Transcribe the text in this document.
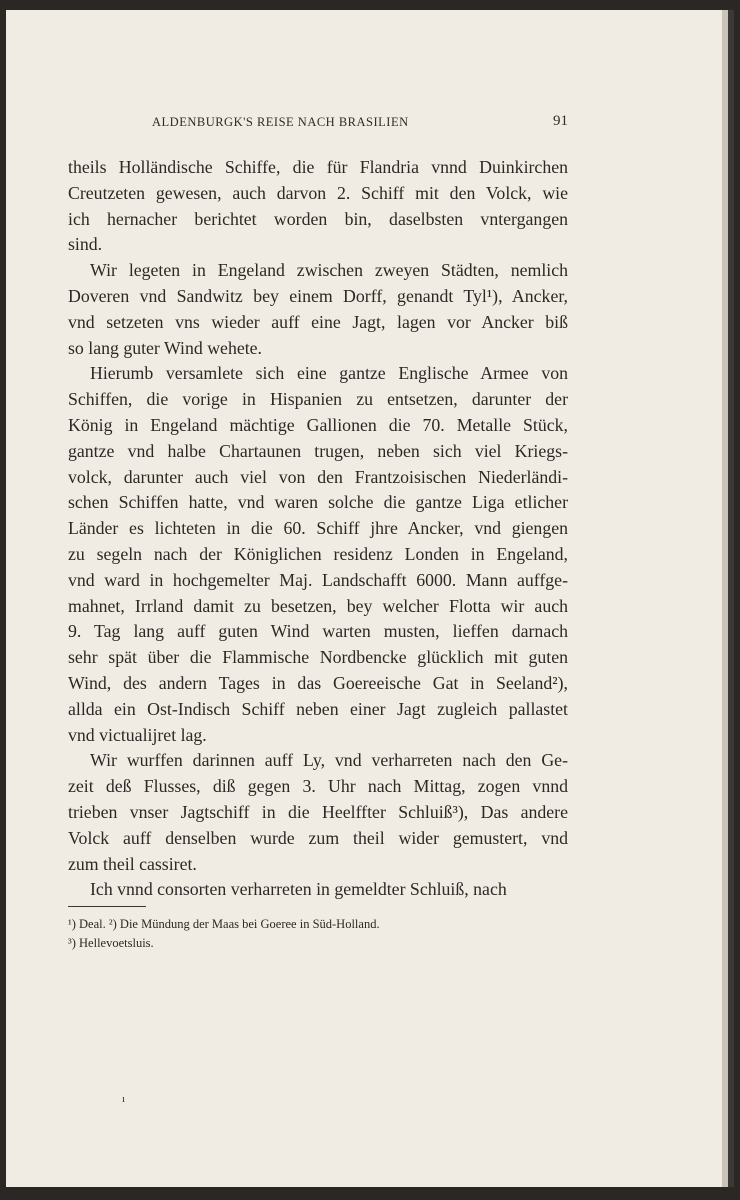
ALDENBURGK'S REISE NACH BRASILIEN	91
theils Holländische Schiffe, die für Flandria vnnd Duinkirchen
Creutzeten gewesen, auch darvon 2. Schiff mit den Volck, wie
ich hernacher berichtet worden bin, daselbsten vntergangen
sind.
Wir legeten in Engeland zwischen zweyen Städten, nemlich
Doveren vnd Sandwitz bey einem Dorff, genandt Tyl¹), Ancker,
vnd setzeten vns wieder auff eine Jagt, lagen vor Ancker biß
so lang guter Wind wehete.
Hierumb versamlete sich eine gantze Englische Armee von
Schiffen, die vorige in Hispanien zu entsetzen, darunter der
König in Engeland mächtige Gallionen die 70. Metalle Stück,
gantze vnd halbe Chartaunen trugen, neben sich viel Kriegs-
volck, darunter auch viel von den Frantzoisischen Niederländi-
schen Schiffen hatte, vnd waren solche die gantze Liga etlicher
Länder es lichteten in die 60. Schiff jhre Ancker, vnd giengen
zu segeln nach der Königlichen residenz Londen in Engeland,
vnd ward in hochgemelter Maj. Landschafft 6000. Mann auffge-
mahnet, Irrland damit zu besetzen, bey welcher Flotta wir auch
9. Tag lang auff guten Wind warten musten, lieffen darnach
sehr spät über die Flammische Nordbencke glücklich mit guten
Wind, des andern Tages in das Goereeische Gat in Seeland²),
allda ein Ost-Indisch Schiff neben einer Jagt zugleich pallastet
vnd victualijret lag.
Wir wurffen darinnen auff Ly, vnd verharreten nach den Ge-
zeit deß Flusses, diß gegen 3. Uhr nach Mittag, zogen vnnd
trieben vnser Jagtschiff in die Heelffter Schluiß³), Das andere
Volck auff denselben wurde zum theil wider gemustert, vnd
zum theil cassiret.
Ich vnnd consorten verharreten in gemeldter Schluiß, nach
¹) Deal. ²) Die Mündung der Maas bei Goeree in Süd-Holland.
³) Hellevoetsluis.
ı
